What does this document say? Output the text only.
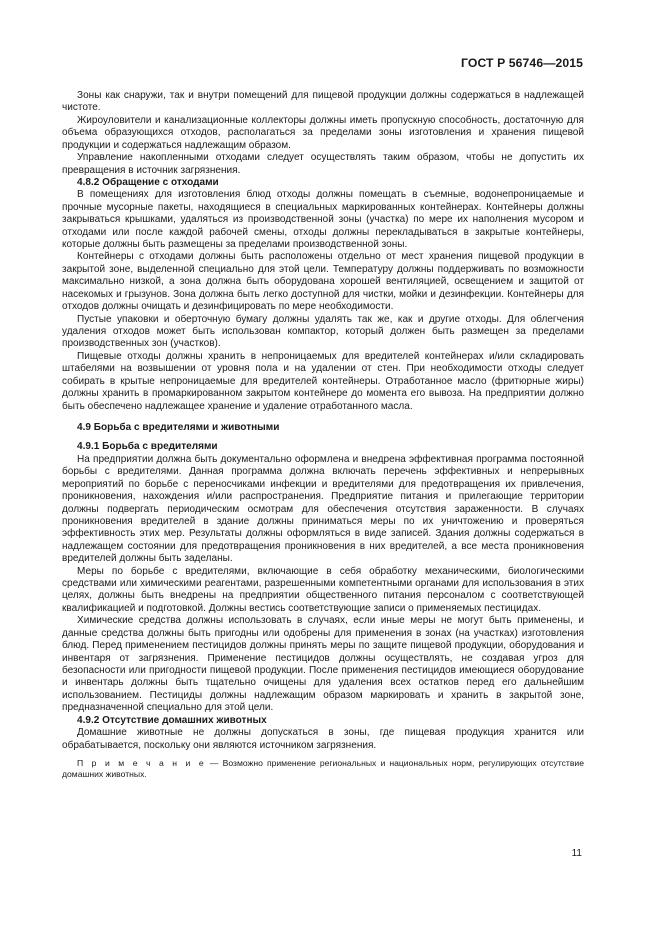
ГОСТ Р 56746—2015

Зоны как снаружи, так и внутри помещений для пищевой продукции должны содержаться в надлежащей чистоте.

Жироуловители и канализационные коллекторы должны иметь пропускную способность, достаточную для объема образующихся отходов, располагаться за пределами зоны изготовления и хранения пищевой продукции и содержаться надлежащим образом.

Управление накопленными отходами следует осуществлять таким образом, чтобы не допустить их превращения в источник загрязнения.

4.8.2 Обращение с отходами

В помещениях для изготовления блюд отходы должны помещать в съемные, водонепроницаемые и прочные мусорные пакеты, находящиеся в специальных маркированных контейнерах. Контейнеры должны закрываться крышками, удаляться из производственной зоны (участка) по мере их наполнения мусором и отходами или после каждой рабочей смены, отходы должны перекладываться в закрытые контейнеры, которые должны быть размещены за пределами производственной зоны.

Контейнеры с отходами должны быть расположены отдельно от мест хранения пищевой продукции в закрытой зоне, выделенной специально для этой цели. Температуру должны поддерживать по возможности максимально низкой, а зона должна быть оборудована хорошей вентиляцией, освещением и защитой от насекомых и грызунов. Зона должна быть легко доступной для чистки, мойки и дезинфекции. Контейнеры для отходов должны очищать и дезинфицировать по мере необходимости.

Пустые упаковки и оберточную бумагу должны удалять так же, как и другие отходы. Для облегчения удаления отходов может быть использован компактор, который должен быть размещен за пределами производственных зон (участков).

Пищевые отходы должны хранить в непроницаемых для вредителей контейнерах и/или складировать штабелями на возвышении от уровня пола и на удалении от стен. При необходимости отходы следует собирать в крытые непроницаемые для вредителей контейнеры. Отработанное масло (фритюрные жиры) должны хранить в промаркированном закрытом контейнере до момента его вывоза. На предприятии должно быть обеспечено надлежащее хранение и удаление отработанного масла.

4.9 Борьба с вредителями и животными
4.9.1 Борьба с вредителями

На предприятии должна быть документально оформлена и внедрена эффективная программа постоянной борьбы с вредителями. Данная программа должна включать перечень эффективных и непрерывных мероприятий по борьбе с переносчиками инфекции и вредителями для предотвращения их привлечения, проникновения, нахождения и/или распространения. Предприятие питания и прилегающие территории должны подвергать периодическим осмотрам для обеспечения отсутствия зараженности. В случаях проникновения вредителей в здание должны приниматься меры по их уничтожению и проверяться эффективность этих мер. Результаты должны оформляться в виде записей. Здания должны содержаться в надлежащем состоянии для предотвращения проникновения в них вредителей, а все места проникновения вредителей должны быть заделаны.

Меры по борьбе с вредителями, включающие в себя обработку механическими, биологическими средствами или химическими реагентами, разрешенными компетентными органами для использования в этих целях, должны быть внедрены на предприятии общественного питания персоналом с соответствующей квалификацией и подготовкой. Должны вестись соответствующие записи о применяемых пестицидах.

Химические средства должны использовать в случаях, если иные меры не могут быть применены, и данные средства должны быть пригодны или одобрены для применения в зонах (на участках) изготовления блюд. Перед применением пестицидов должны принять меры по защите пищевой продукции, оборудования и инвентаря от загрязнения. Применение пестицидов должны осуществлять, не создавая угроз для безопасности или пригодности пищевой продукции. После применения пестицидов имеющиеся оборудование и инвентарь должны быть тщательно очищены для удаления всех остатков перед его дальнейшим использованием. Пестициды должны надлежащим образом маркировать и хранить в закрытой зоне, предназначенной специально для этой цели.

4.9.2 Отсутствие домашних животных

Домашние животные не должны допускаться в зоны, где пищевая продукция хранится или обрабатывается, поскольку они являются источником загрязнения.

П р и м е ч а н и е — Возможно применение региональных и национальных норм, регулирующих отсутствие домашних животных.

11
